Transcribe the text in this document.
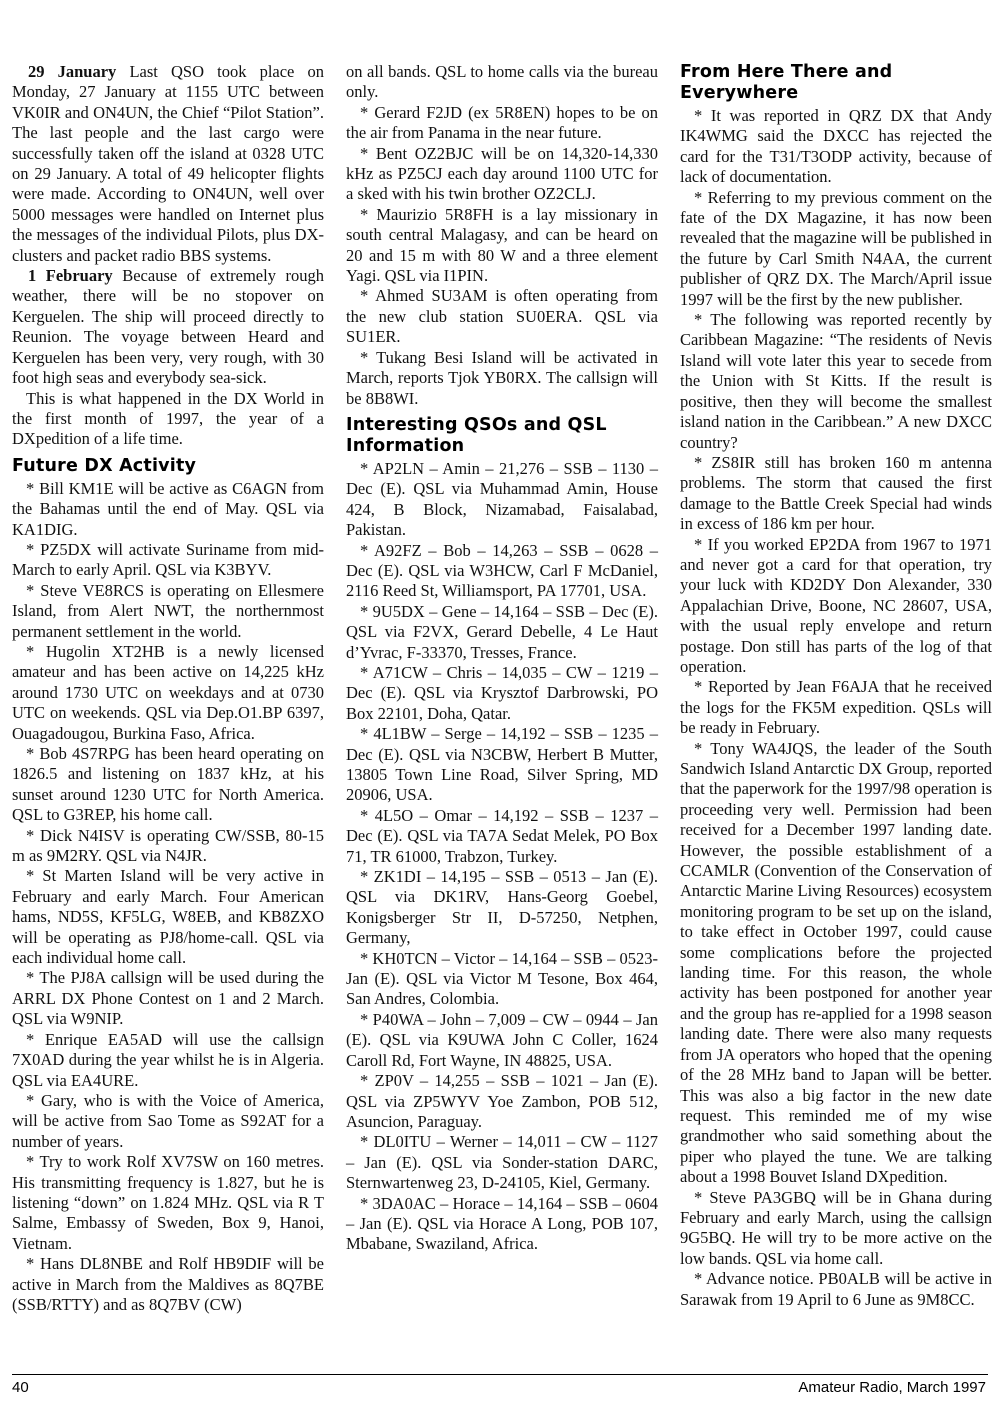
29 January Last QSO took place on Monday, 27 January at 1155 UTC between VK0IR and ON4UN, the Chief “Pilot Station”. The last people and the last cargo were successfully taken off the island at 0328 UTC on 29 January. A total of 49 helicopter flights were made. According to ON4UN, well over 5000 messages were handled on Internet plus the messages of the individual Pilots, plus DX-clusters and packet radio BBS systems.

1 February Because of extremely rough weather, there will be no stopover on Kerguelen. The ship will proceed directly to Reunion. The voyage between Heard and Kerguelen has been very, very rough, with 30 foot high seas and everybody sea-sick.

This is what happened in the DX World in the first month of 1997, the year of a DXpedition of a life time.

Future DX Activity

* Bill KM1E will be active as C6AGN from the Bahamas until the end of May. QSL via KA1DIG.

* PZ5DX will activate Suriname from mid-March to early April. QSL via K3BYV.

* Steve VE8RCS is operating on Ellesmere Island, from Alert NWT, the northernmost permanent settlement in the world.

* Hugolin XT2HB is a newly licensed amateur and has been active on 14,225 kHz around 1730 UTC on weekdays and at 0730 UTC on weekends. QSL via Dep.O1.BP 6397, Ouagadougou, Burkina Faso, Africa.

* Bob 4S7RPG has been heard operating on 1826.5 and listening on 1837 kHz, at his sunset around 1230 UTC for North America. QSL to G3REP, his home call.

* Dick N4ISV is operating CW/SSB, 80-15 m as 9M2RY. QSL via N4JR.

* St Marten Island will be very active in February and early March. Four American hams, ND5S, KF5LG, W8EB, and KB8ZXO will be operating as PJ8/home-call. QSL via each individual home call.

* The PJ8A callsign will be used during the ARRL DX Phone Contest on 1 and 2 March. QSL via W9NIP.

* Enrique EA5AD will use the callsign 7X0AD during the year whilst he is in Algeria. QSL via EA4URE.

* Gary, who is with the Voice of America, will be active from Sao Tome as S92AT for a number of years.

* Try to work Rolf XV7SW on 160 metres. His transmitting frequency is 1.827, but he is listening “down” on 1.824 MHz. QSL via R T Salme, Embassy of Sweden, Box 9, Hanoi, Vietnam.

* Hans DL8NBE and Rolf HB9DIF will be active in March from the Maldives as 8Q7BE (SSB/RTTY) and as 8Q7BV (CW)

on all bands. QSL to home calls via the bureau only.

* Gerard F2JD (ex 5R8EN) hopes to be on the air from Panama in the near future.

* Bent OZ2BJC will be on 14,320-14,330 kHz as PZ5CJ each day around 1100 UTC for a sked with his twin brother OZ2CLJ.

* Maurizio 5R8FH is a lay missionary in south central Malagasy, and can be heard on 20 and 15 m with 80 W and a three element Yagi. QSL via I1PIN.

* Ahmed SU3AM is often operating from the new club station SU0ERA. QSL via SU1ER.

* Tukang Besi Island will be activated in March, reports Tjok YB0RX. The callsign will be 8B8WI.

Interesting QSOs and QSL Information

* AP2LN – Amin – 21,276 – SSB – 1130 – Dec (E). QSL via Muhammad Amin, House 424, B Block, Nizamabad, Faisalabad, Pakistan.

* A92FZ – Bob – 14,263 – SSB – 0628 – Dec (E). QSL via W3HCW, Carl F McDaniel, 2116 Reed St, Williamsport, PA 17701, USA.

* 9U5DX – Gene – 14,164 – SSB – Dec (E). QSL via F2VX, Gerard Debelle, 4 Le Haut d’Yvrac, F-33370, Tresses, France.

* A71CW – Chris – 14,035 – CW – 1219 – Dec (E). QSL via Krysztof Darbrowski, PO Box 22101, Doha, Qatar.

* 4L1BW – Serge – 14,192 – SSB – 1235 – Dec (E). QSL via N3CBW, Herbert B Mutter, 13805 Town Line Road, Silver Spring, MD 20906, USA.

* 4L5O – Omar – 14,192 – SSB – 1237 – Dec (E). QSL via TA7A Sedat Melek, PO Box 71, TR 61000, Trabzon, Turkey.

* ZK1DI – 14,195 – SSB – 0513 – Jan (E). QSL via DK1RV, Hans-Georg Goebel, Konigsberger Str II, D-57250, Netphen, Germany,

* KH0TCN – Victor – 14,164 – SSB – 0523- Jan (E). QSL via Victor M Tesone, Box 464, San Andres, Colombia.

* P40WA – John – 7,009 – CW – 0944 – Jan (E). QSL via K9UWA John C Coller, 1624 Caroll Rd, Fort Wayne, IN 48825, USA.

* ZP0V – 14,255 – SSB – 1021 – Jan (E). QSL via ZP5WYV Yoe Zambon, POB 512, Asuncion, Paraguay.

* DL0ITU – Werner – 14,011 – CW – 1127 – Jan (E). QSL via Sonder-station DARC, Sternwartenweg 23, D-24105, Kiel, Germany.

* 3DA0AC – Horace – 14,164 – SSB – 0604 – Jan (E). QSL via Horace A Long, POB 107, Mbabane, Swaziland, Africa.

From Here There and Everywhere

* It was reported in QRZ DX that Andy IK4WMG said the DXCC has rejected the card for the T31/T3ODP activity, because of lack of documentation.

* Referring to my previous comment on the fate of the DX Magazine, it has now been revealed that the magazine will be published in the future by Carl Smith N4AA, the current publisher of QRZ DX. The March/April issue 1997 will be the first by the new publisher.

* The following was reported recently by Caribbean Magazine: “The residents of Nevis Island will vote later this year to secede from the Union with St Kitts. If the result is positive, then they will become the smallest island nation in the Caribbean.” A new DXCC country?

* ZS8IR still has broken 160 m antenna problems. The storm that caused the first damage to the Battle Creek Special had winds in excess of 186 km per hour.

* If you worked EP2DA from 1967 to 1971 and never got a card for that operation, try your luck with KD2DY Don Alexander, 330 Appalachian Drive, Boone, NC 28607, USA, with the usual reply envelope and return postage. Don still has parts of the log of that operation.

* Reported by Jean F6AJA that he received the logs for the FK5M expedition. QSLs will be ready in February.

* Tony WA4JQS, the leader of the South Sandwich Island Antarctic DX Group, reported that the paperwork for the 1997/98 operation is proceeding very well. Permission had been received for a December 1997 landing date. However, the possible establishment of a CCAMLR (Convention of the Conservation of Antarctic Marine Living Resources) ecosystem monitoring program to be set up on the island, to take effect in October 1997, could cause some complications before the projected landing time. For this reason, the whole activity has been postponed for another year and the group has re-applied for a 1998 season landing date. There were also many requests from JA operators who hoped that the opening of the 28 MHz band to Japan will be better. This was also a big factor in the new date request. This reminded me of my wise grandmother who said something about the piper who played the tune. We are talking about a 1998 Bouvet Island DXpedition.

* Steve PA3GBQ will be in Ghana during February and early March, using the callsign 9G5BQ. He will try to be more active on the low bands. QSL via home call.

* Advance notice. PB0ALB will be active in Sarawak from 19 April to 6 June as 9M8CC.

40	Amateur Radio, March 1997
